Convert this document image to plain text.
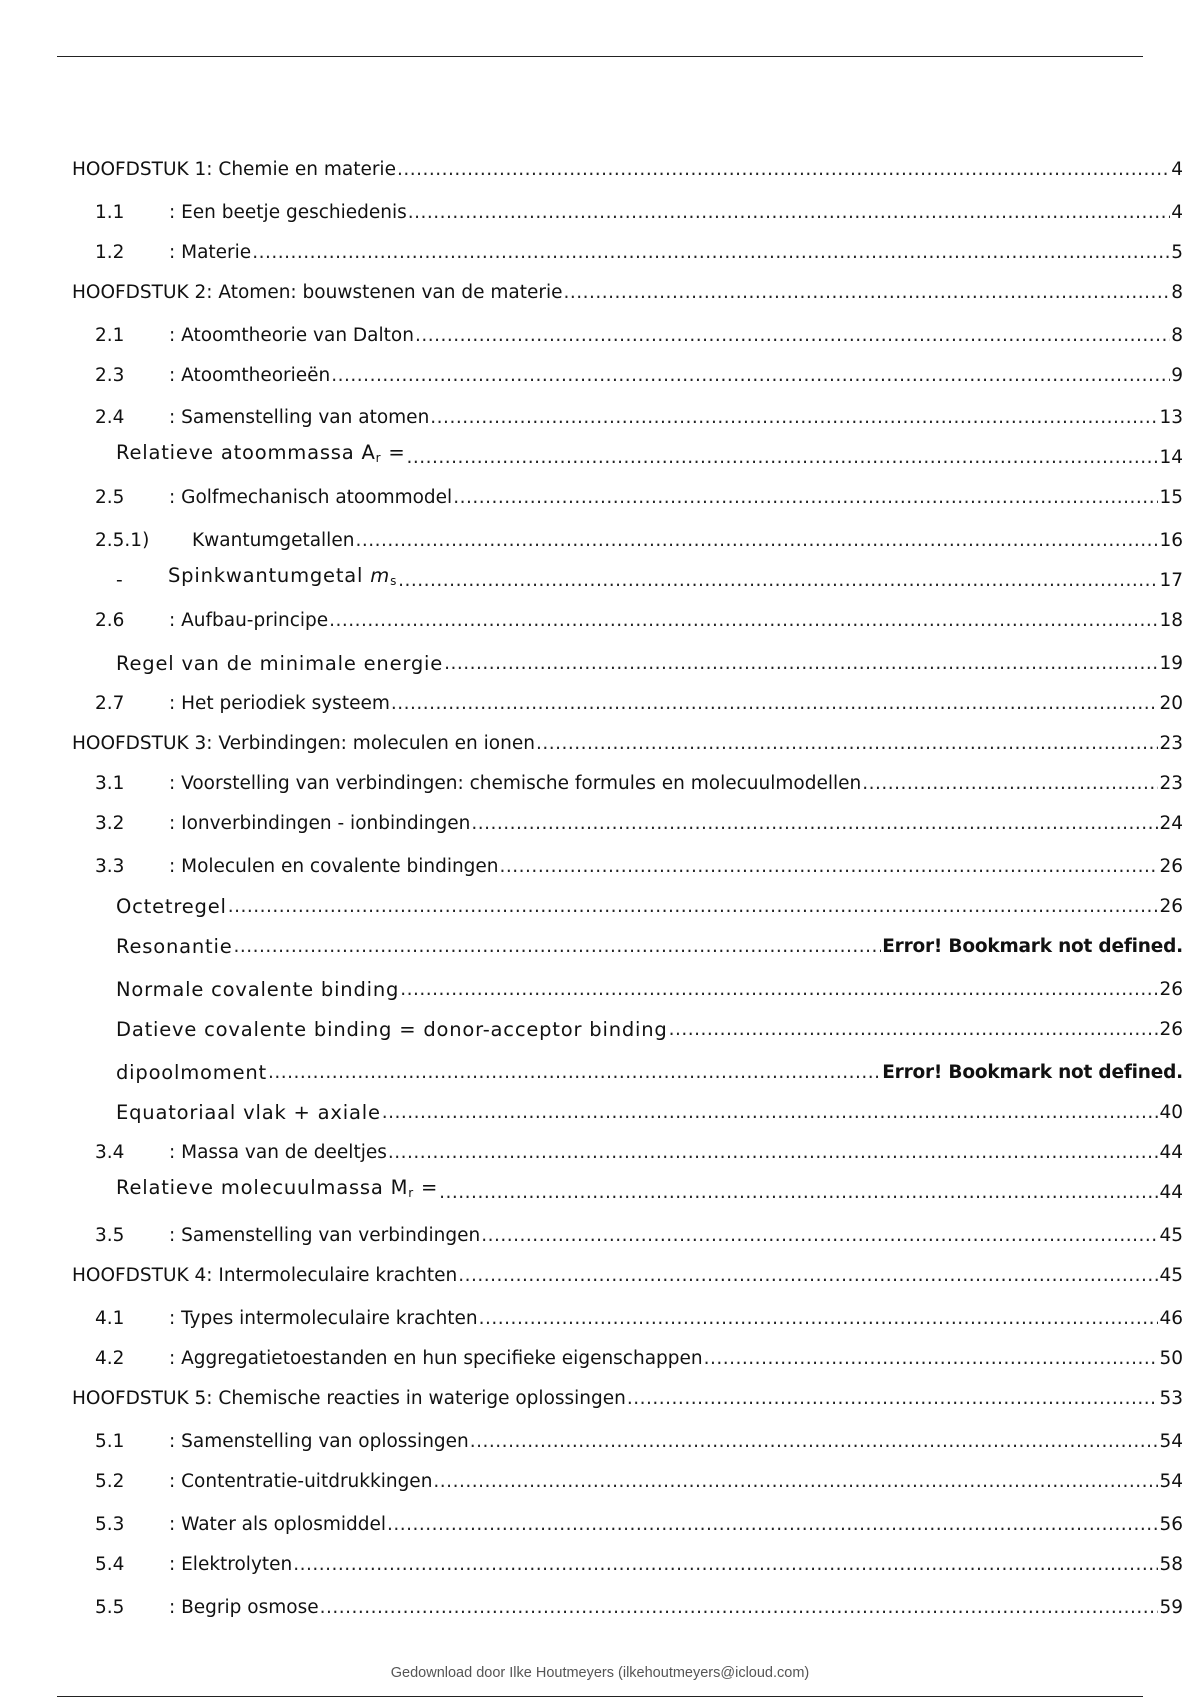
HOOFDSTUK 1: Chemie en materie .....	4
1.1	: Een beetje geschiedenis .....	4
1.2	: Materie .....	5
HOOFDSTUK 2: Atomen: bouwstenen van de materie .....	8
2.1	: Atoomtheorie van Dalton .....	8
2.3	: Atoomtheorieën .....	9
2.4	: Samenstelling van atomen .....	13
Relatieve atoommassa $A_r$ = .....	14
2.5	: Golfmechanisch atoommodel .....	15
2.5.1)	Kwantumgetallen .....	16
-	Spinkwantumgetal $m_s$ .....	17
2.6	: Aufbau-principe .....	18
Regel van de minimale energie .....	19
2.7	: Het periodiek systeem .....	20
HOOFDSTUK 3: Verbindingen: moleculen en ionen .....	23
3.1	: Voorstelling van verbindingen: chemische formules en molecuulmodellen .....	23
3.2	: Ionverbindingen - ionbindingen .....	24
3.3	: Moleculen en covalente bindingen .....	26
Octetregel .....	26
Resonantie .....	Error! Bookmark not defined.
Normale covalente binding .....	26
Datieve covalente binding = donor-acceptor binding .....	26
dipoolmoment .....	Error! Bookmark not defined.
Equatoriaal vlak + axiale .....	40
3.4	: Massa van de deeltjes .....	44
Relatieve molecuulmassa $M_r$ = .....	44
3.5	: Samenstelling van verbindingen .....	45
HOOFDSTUK 4: Intermoleculaire krachten .....	45
4.1	: Types intermoleculaire krachten .....	46
4.2	: Aggregatietoestanden en hun specifieke eigenschappen .....	50
HOOFDSTUK 5: Chemische reacties in waterige oplossingen .....	53
5.1	: Samenstelling van oplossingen .....	54
5.2	: Contentratie-uitdrukkingen .....	54
5.3	: Water als oplosmiddel .....	56
5.4	: Elektrolyten .....	58
5.5	: Begrip osmose .....	59
Gedownload door Ilke Houtmeyers (ilkehoutmeyers@icloud.com)
